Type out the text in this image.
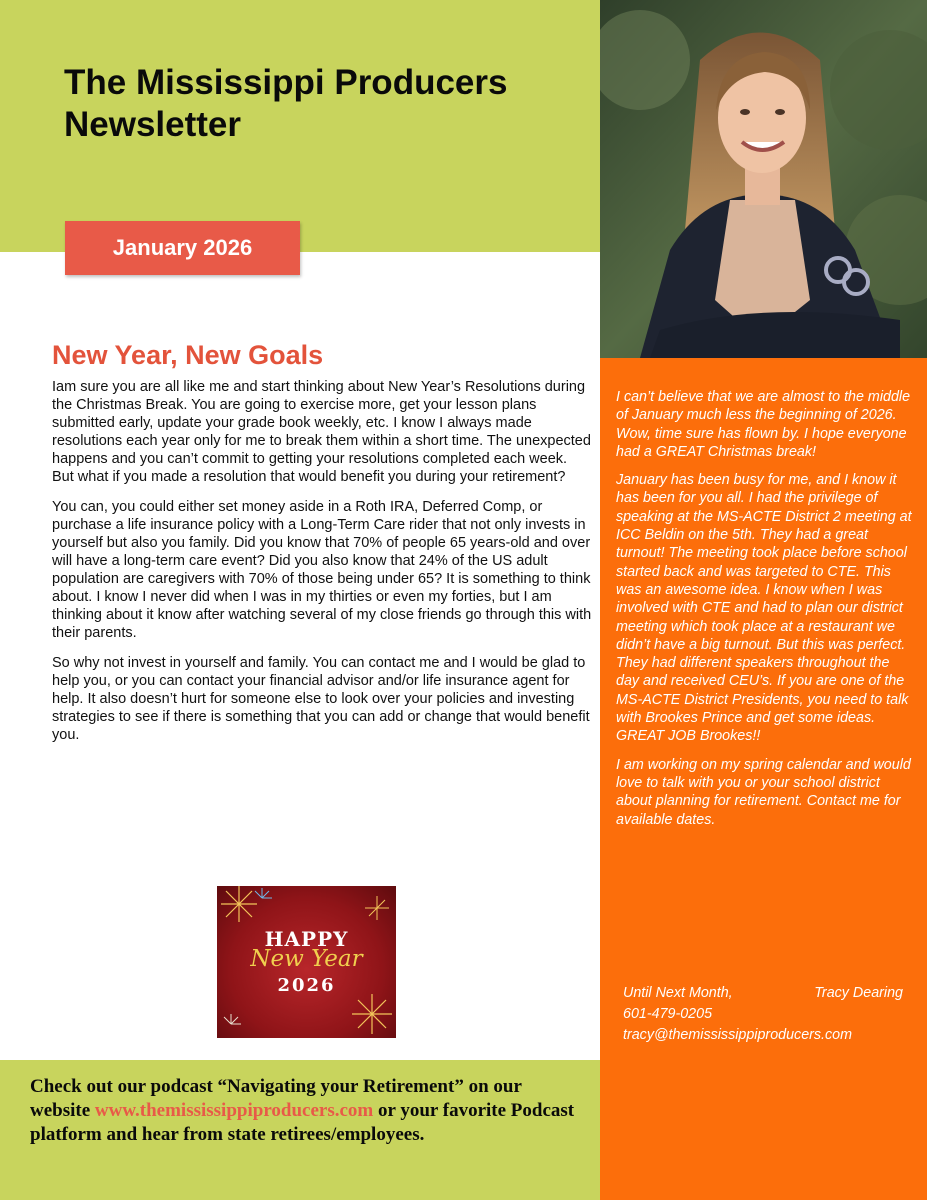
The Mississippi Producers Newsletter
January 2026

I can’t believe that we are almost to the middle of January much less the beginning of 2026. Wow, time sure has flown by. I hope everyone had a GREAT Christmas break!

January has been busy for me, and I know it has been for you all. I had the privilege of speaking at the MS-ACTE District 2 meeting at ICC Beldin on the 5th. They had a great turnout! The meeting took place before school started back and was targeted to CTE. This was an awesome idea. I know when I was involved with CTE and had to plan our district meeting which took place at a restaurant we didn’t have a big turnout. But this was perfect. They had different speakers throughout the day and received CEU’s. If you are one of the MS-ACTE District Presidents, you need to talk with Brookes Prince and get some ideas. GREAT JOB Brookes!!

I am working on my spring calendar and would love to talk with you or your school district about planning for retirement. Contact me for available dates.

Until Next Month,	Tracy Dearing
601-479-0205
tracy@themississippiproducers.com
New Year, New Goals

Iam sure you are all like me and start thinking about New Year’s Resolutions during the Christmas Break. You are going to exercise more, get your lesson plans submitted early, update your grade book weekly, etc. I know I always made resolutions each year only for me to break them within a short time. The unexpected happens and you can’t commit to getting your resolutions completed each week. But what if you made a resolution that would benefit you during your retirement?

You can, you could either set money aside in a Roth IRA, Deferred Comp, or purchase a life insurance policy with a Long-Term Care rider that not only invests in yourself but also you family. Did you know that 70% of people 65 years-old and over will have a long-term care event? Did you also know that 24% of the US adult population are caregivers with 70% of those being under 65? It is something to think about. I know I never did when I was in my thirties or even my forties, but I am thinking about it know after watching several of my close friends go through this with their parents.

So why not invest in yourself and family. You can contact me and I would be glad to help you, or you can contact your financial advisor and/or life insurance agent for help. It also doesn’t hurt for someone else to look over your policies and investing strategies to see if there is something that you can add or change that would benefit you.

HAPPY
New Year
2026

Check out our podcast “Navigating your Retirement” on our website www.themississippiproducers.com or your favorite Podcast platform and hear from state retirees/employees.
